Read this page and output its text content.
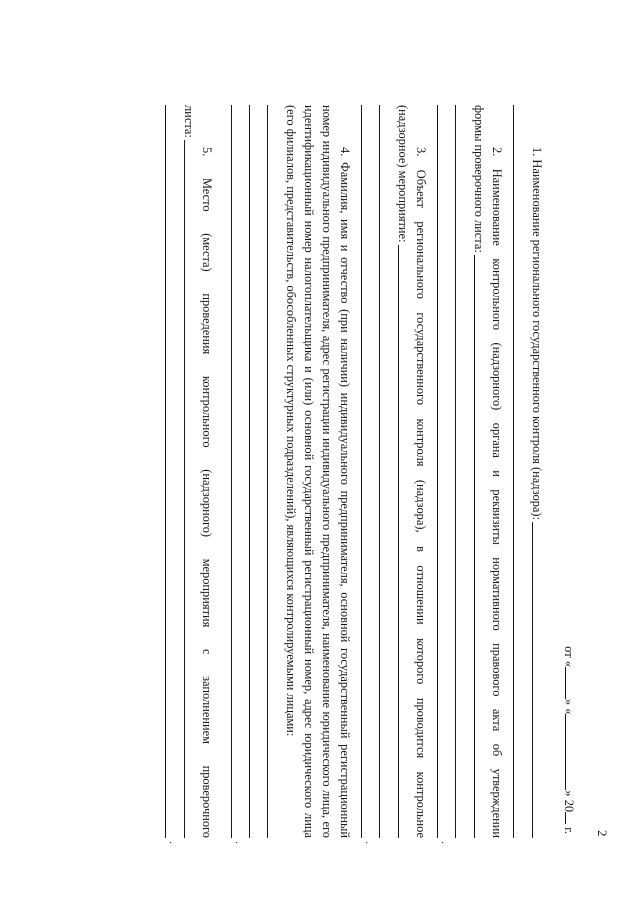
2
от «» «» 20 г.
1. Наименование регионального государственного контроля (надзора):
2. Наименование контрольного (надзорного) органа и реквизиты нормативного правового акта об утверждении
формы проверочного листа:
.
3. Объект регионального государственного контроля (надзора), в отношении которого проводится контрольное
(надзорное) мероприятие:
.
4. Фамилия, имя и отчество (при наличии) индивидуального предпринимателя, основной государственный регистрационный номер индивидуального предпринимателя, адрес регистрации индивидуального предпринимателя, наименование юридического лица, его идентификационный номер налогоплательщика и (или) основной государственный регистрационный номер, адрес юридического лица (его филиалов, представительств, обособленных структурных подразделений), являющихся контролируемыми лицами:
.
5. Место (места) проведения контрольного (надзорного) мероприятия с заполнением проверочного
листа:
.
